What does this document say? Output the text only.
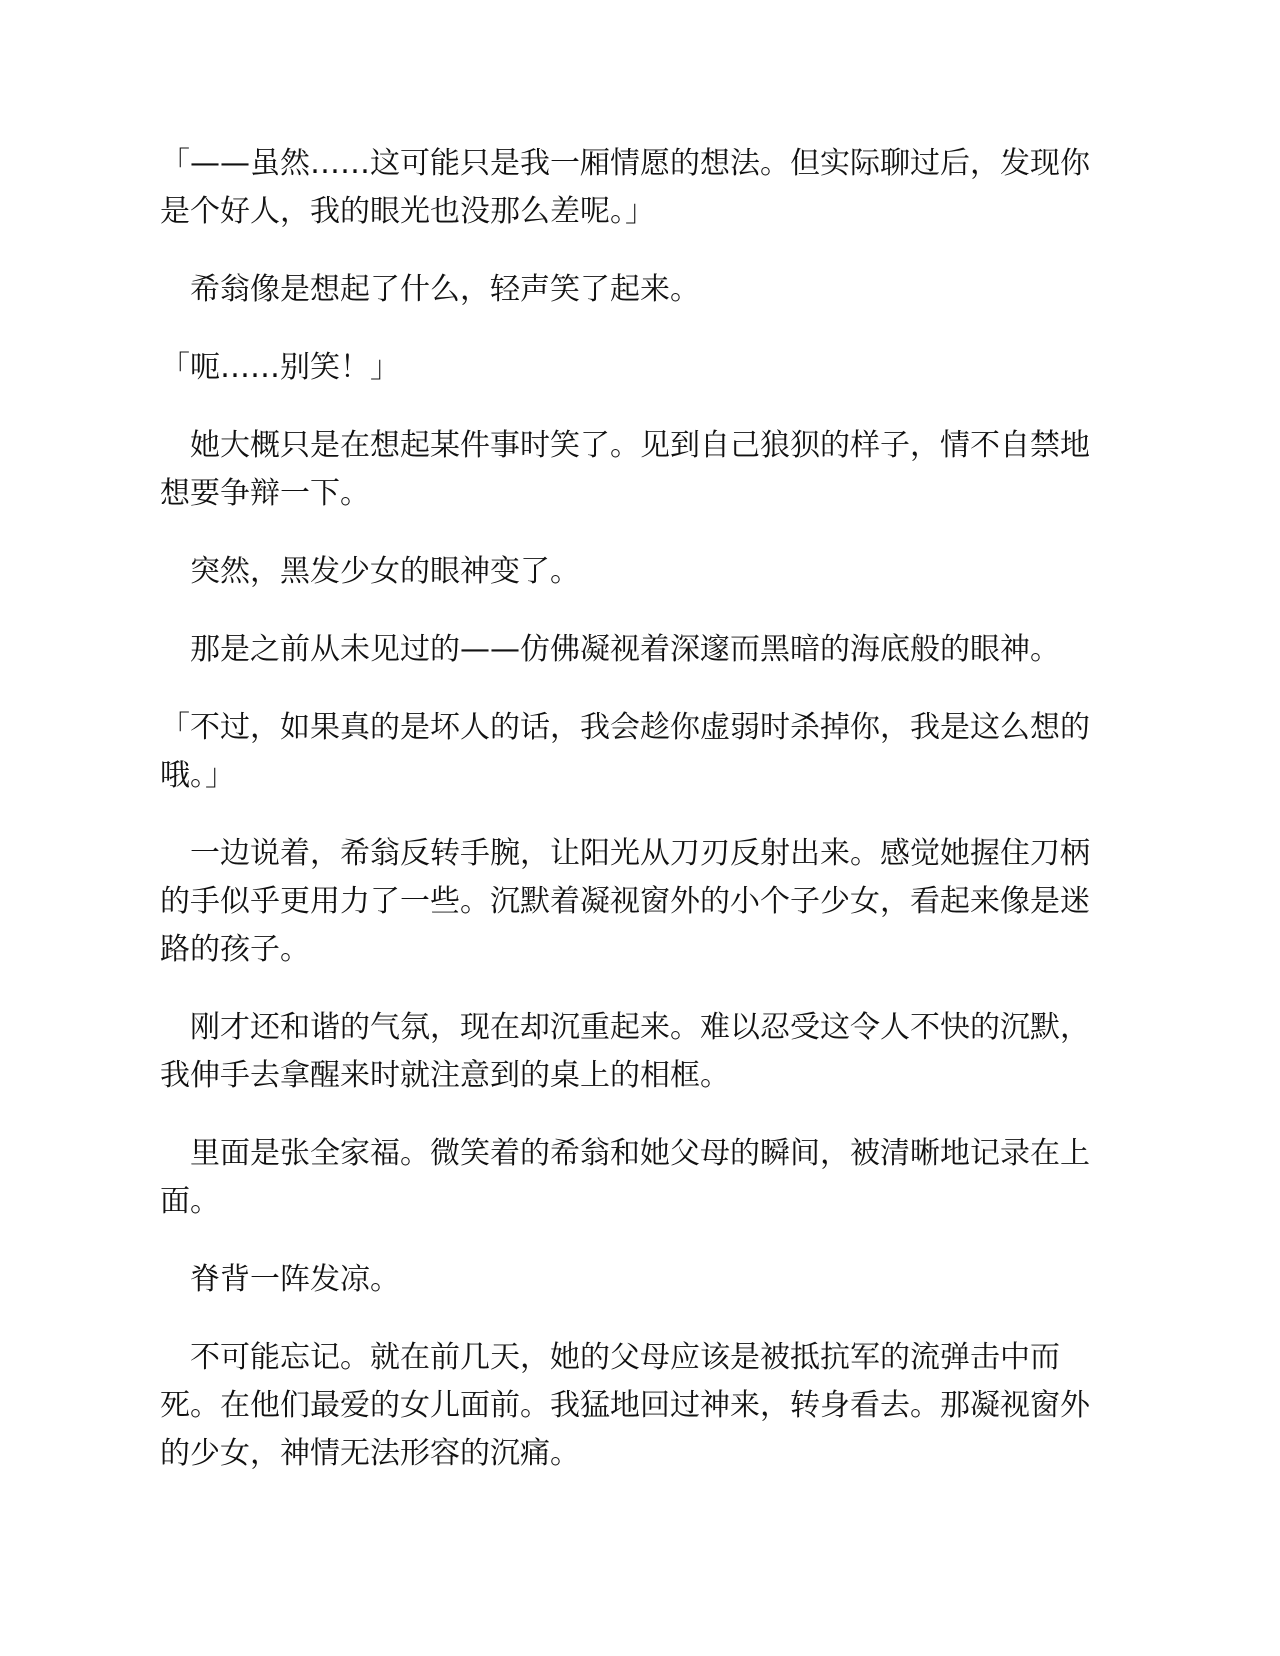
「——虽然……这可能只是我一厢情愿的想法。但实际聊过后，发现你是个好人，我的眼光也没那么差呢。」

希翁像是想起了什么，轻声笑了起来。

「呃……别笑！」

她大概只是在想起某件事时笑了。见到自己狼狈的样子，情不自禁地想要争辩一下。

突然，黑发少女的眼神变了。

那是之前从未见过的——仿佛凝视着深邃而黑暗的海底般的眼神。

「不过，如果真的是坏人的话，我会趁你虚弱时杀掉你，我是这么想的哦。」

一边说着，希翁反转手腕，让阳光从刀刃反射出来。感觉她握住刀柄的手似乎更用力了一些。沉默着凝视窗外的小个子少女，看起来像是迷路的孩子。

刚才还和谐的气氛，现在却沉重起来。难以忍受这令人不快的沉默，我伸手去拿醒来时就注意到的桌上的相框。

里面是张全家福。微笑着的希翁和她父母的瞬间，被清晰地记录在上面。

脊背一阵发凉。

不可能忘记。就在前几天，她的父母应该是被抵抗军的流弹击中而死。在他们最爱的女儿面前。我猛地回过神来，转身看去。那凝视窗外的少女，神情无法形容的沉痛。
